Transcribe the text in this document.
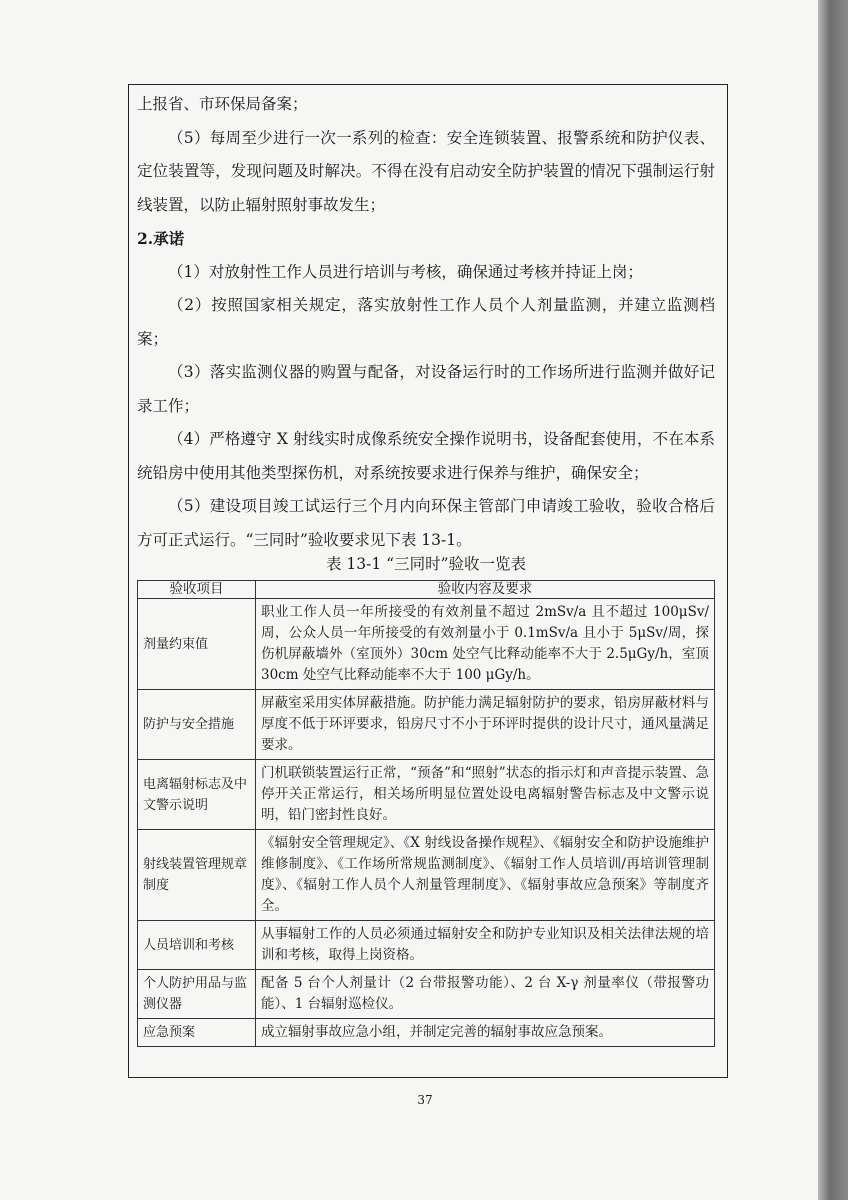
上报省、市环保局备案；

（5）每周至少进行一次一系列的检查：安全连锁装置、报警系统和防护仪表、定位装置等，发现问题及时解决。不得在没有启动安全防护装置的情况下强制运行射线装置，以防止辐射照射事故发生；

2.承诺

（1）对放射性工作人员进行培训与考核，确保通过考核并持证上岗；

（2）按照国家相关规定，落实放射性工作人员个人剂量监测，并建立监测档案；

（3）落实监测仪器的购置与配备，对设备运行时的工作场所进行监测并做好记录工作；

（4）严格遵守 X 射线实时成像系统安全操作说明书，设备配套使用，不在本系统铅房中使用其他类型探伤机，对系统按要求进行保养与维护，确保安全；

（5）建设项目竣工试运行三个月内向环保主管部门申请竣工验收，验收合格后方可正式运行。“三同时”验收要求见下表 13-1。

表 13-1 “三同时”验收一览表
验收项目	验收内容及要求
剂量约束值	职业工作人员一年所接受的有效剂量不超过 2mSv/a 且不超过 100μSv/周，公众人员一年所接受的有效剂量小于 0.1mSv/a 且小于 5μSv/周，探伤机屏蔽墙外（室顶外）30cm 处空气比释动能率不大于 2.5μGy/h，室顶 30cm 处空气比释动能率不大于 100 μGy/h。
防护与安全措施	屏蔽室采用实体屏蔽措施。防护能力满足辐射防护的要求，铅房屏蔽材料与厚度不低于环评要求，铅房尺寸不小于环评时提供的设计尺寸，通风量满足要求。
电离辐射标志及中文警示说明	门机联锁装置运行正常，“预备”和“照射”状态的指示灯和声音提示装置、急停开关正常运行，相关场所明显位置处设电离辐射警告标志及中文警示说明，铅门密封性良好。
射线装置管理规章制度	《辐射安全管理规定》、《X 射线设备操作规程》、《辐射安全和防护设施维护维修制度》、《工作场所常规监测制度》、《辐射工作人员培训/再培训管理制度》、《辐射工作人员个人剂量管理制度》、《辐射事故应急预案》等制度齐全。
人员培训和考核	从事辐射工作的人员必须通过辐射安全和防护专业知识及相关法律法规的培训和考核，取得上岗资格。
个人防护用品与监测仪器	配备 5 台个人剂量计（2 台带报警功能）、2 台 X-γ 剂量率仪（带报警功能）、1 台辐射巡检仪。
应急预案	成立辐射事故应急小组，并制定完善的辐射事故应急预案。
37
